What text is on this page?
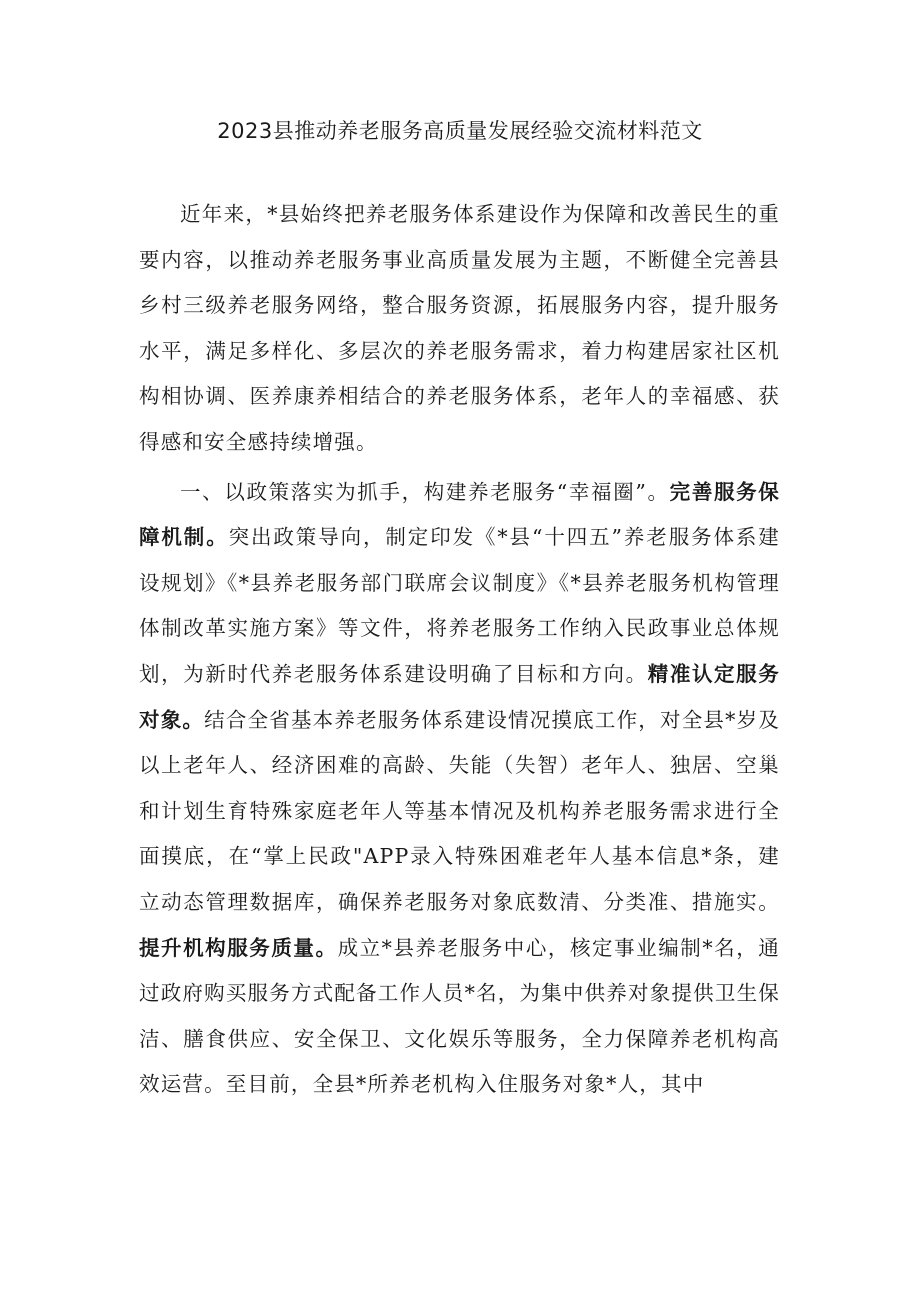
2023县推动养老服务高质量发展经验交流材料范文

近年来，*县始终把养老服务体系建设作为保障和改善民生的重要内容，以推动养老服务事业高质量发展为主题，不断健全完善县乡村三级养老服务网络，整合服务资源，拓展服务内容，提升服务水平，满足多样化、多层次的养老服务需求，着力构建居家社区机构相协调、医养康养相结合的养老服务体系，老年人的幸福感、获得感和安全感持续增强。

一、以政策落实为抓手，构建养老服务“幸福圈”。完善服务保障机制。突出政策导向，制定印发《*县“十四五”养老服务体系建设规划》《*县养老服务部门联席会议制度》《*县养老服务机构管理体制改革实施方案》等文件，将养老服务工作纳入民政事业总体规划，为新时代养老服务体系建设明确了目标和方向。精准认定服务对象。结合全省基本养老服务体系建设情况摸底工作，对全县*岁及以上老年人、经济困难的高龄、失能（失智）老年人、独居、空巢和计划生育特殊家庭老年人等基本情况及机构养老服务需求进行全面摸底，在“掌上民政"APP录入特殊困难老年人基本信息*条，建立动态管理数据库，确保养老服务对象底数清、分类准、措施实。提升机构服务质量。成立*县养老服务中心，核定事业编制*名，通过政府购买服务方式配备工作人员*名，为集中供养对象提供卫生保洁、膳食供应、安全保卫、文化娱乐等服务，全力保障养老机构高效运营。至目前，全县*所养老机构入住服务对象*人，其中
